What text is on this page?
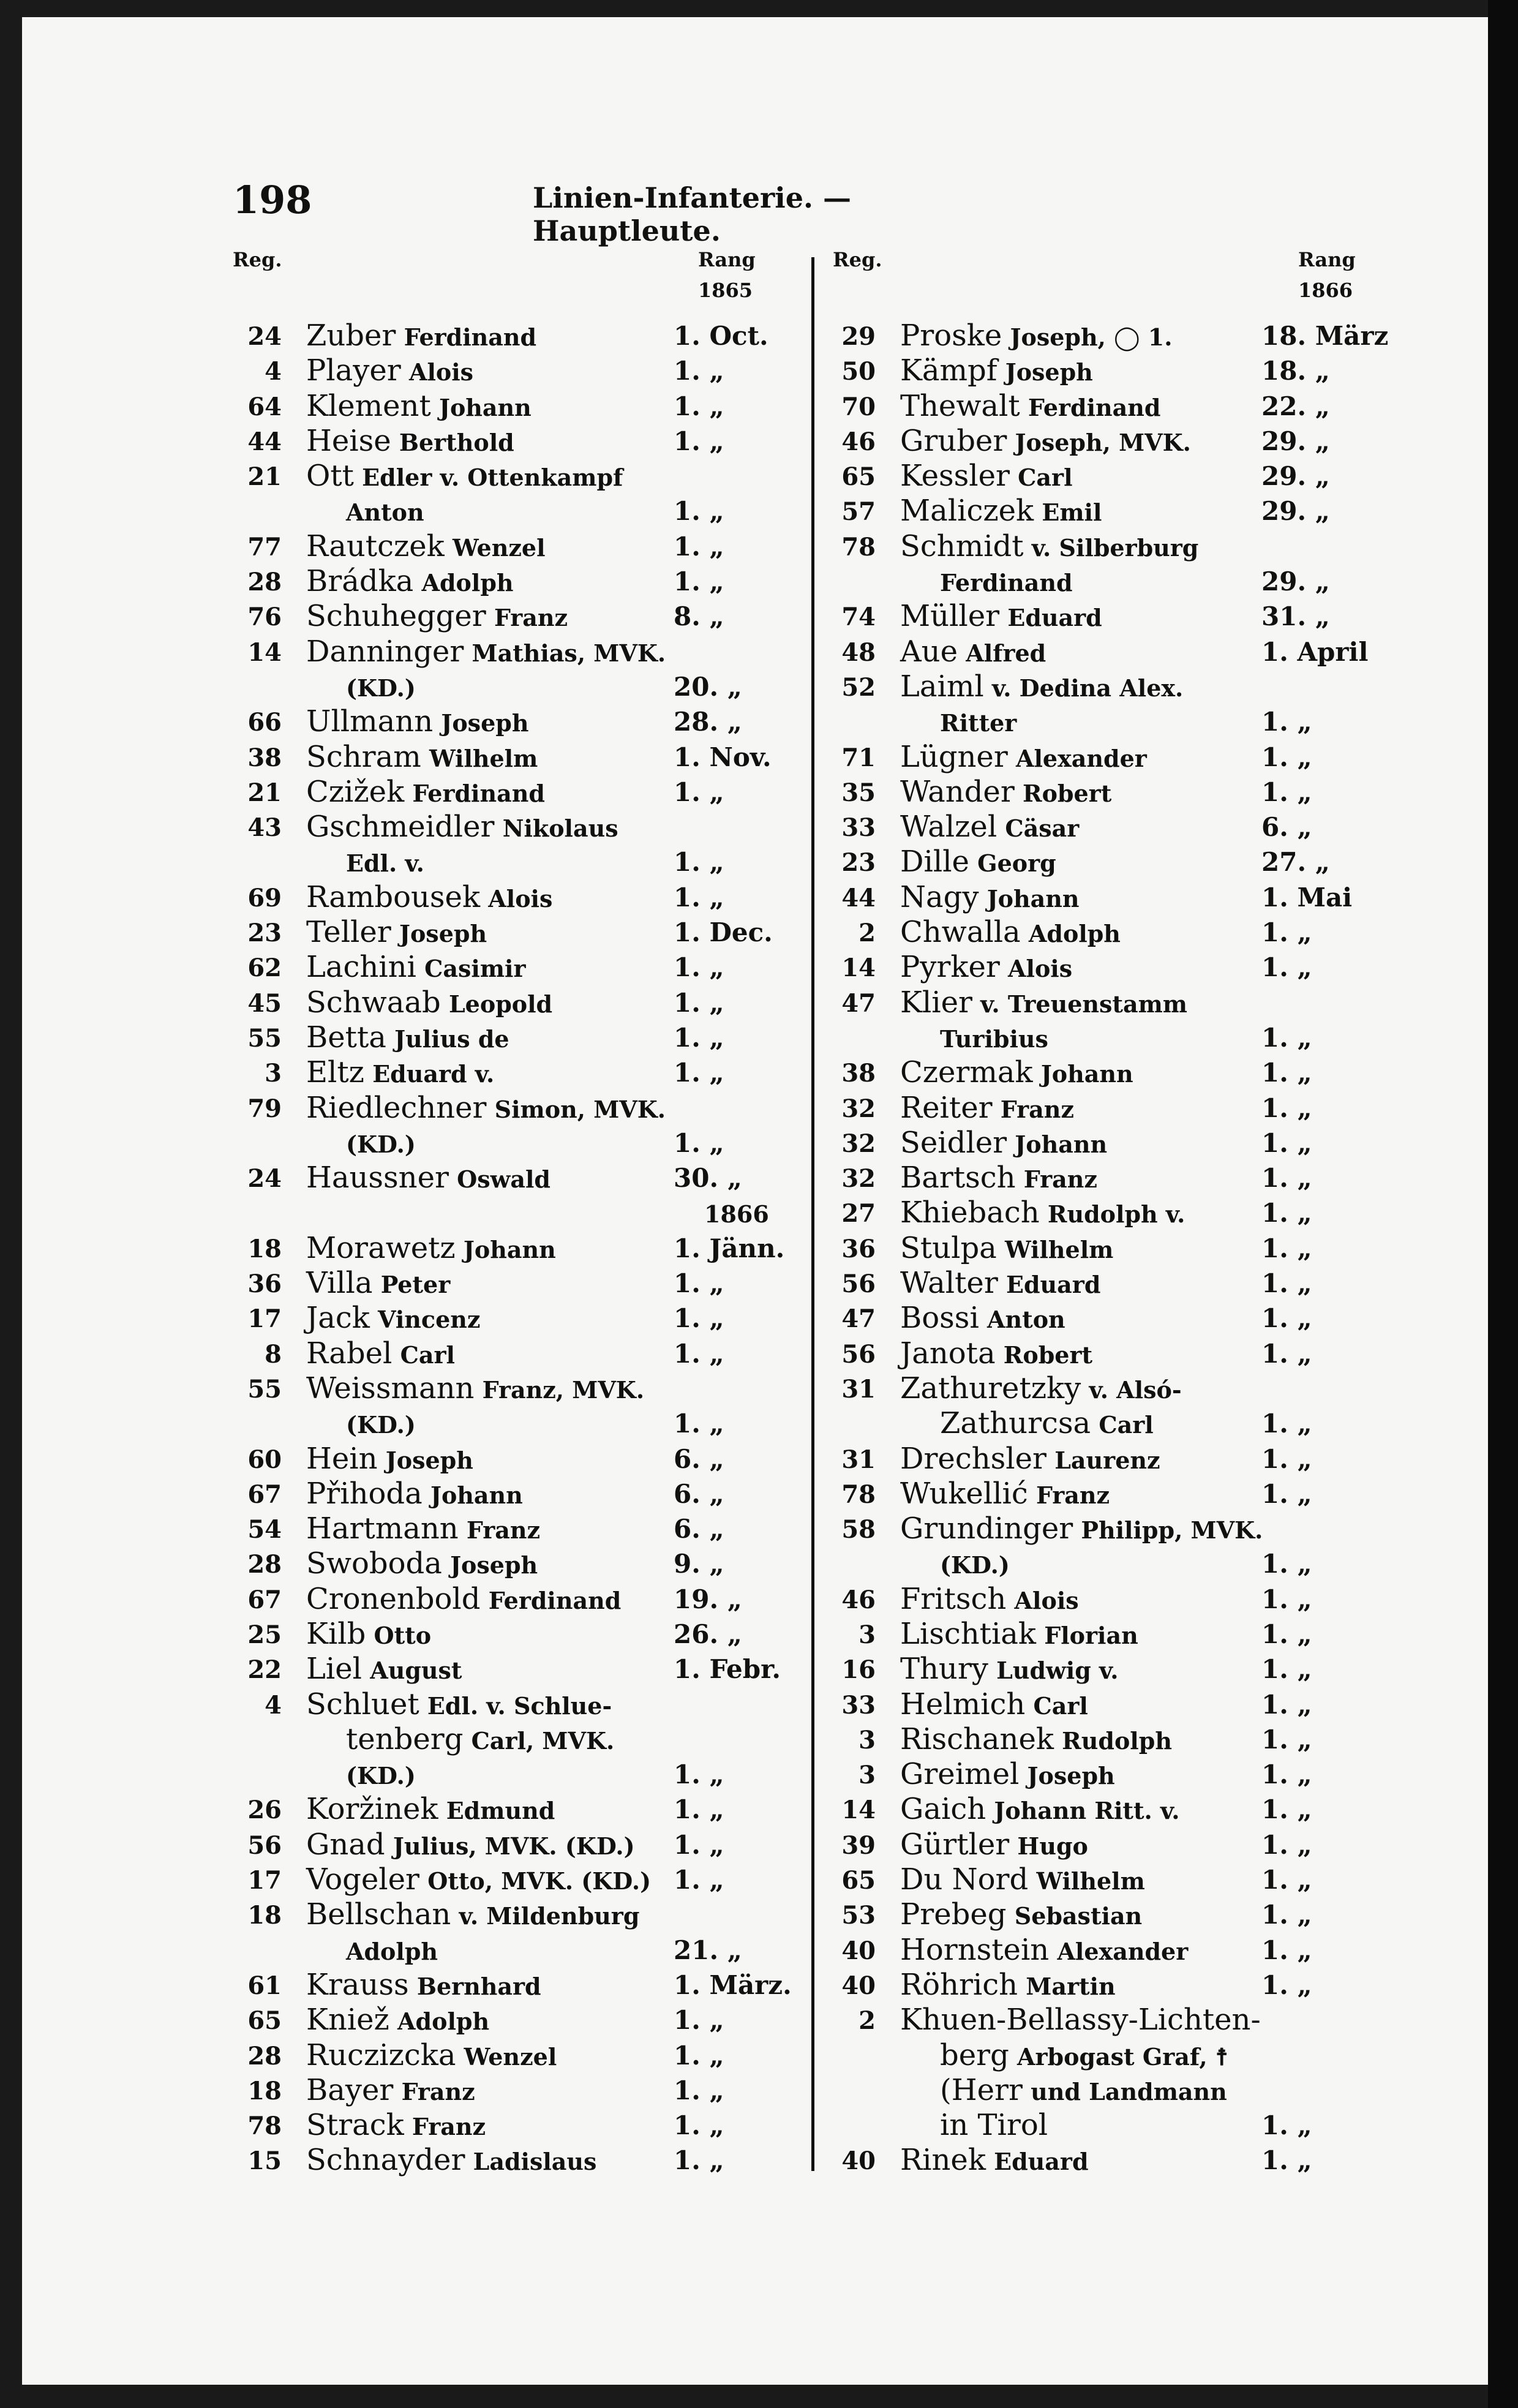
198	Linien-Infanterie. — Hauptleute.
Reg.	Rang
1865
Reg.	Rang
1866
24 Zuber Ferdinand	1. Oct.
4 Player Alois	1. „
64 Klement Johann	1. „
44 Heise Berthold	1. „
21 Ott Edler v. Ottenkampf
Anton	1. „
77 Rautczek Wenzel	1. „
28 Brádka Adolph	1. „
76 Schuhegger Franz	8. „
14 Danninger Mathias, MVK.
(KD.)	20. „
66 Ullmann Joseph	28. „
38 Schram Wilhelm	1. Nov.
21 Czižek Ferdinand	1. „
43 Gschmeidler Nikolaus
Edl. v.	1. „
69 Rambousek Alois	1. „
23 Teller Joseph	1. Dec.
62 Lachini Casimir	1. „
45 Schwaab Leopold	1. „
55 Betta Julius de	1. „
3 Eltz Eduard v.	1. „
79 Riedlechner Simon, MVK.
(KD.)	1. „
24 Haussner Oswald	30. „
1866
18 Morawetz Johann	1. Jänn.
36 Villa Peter	1. „
17 Jack Vincenz	1. „
8 Rabel Carl	1. „
55 Weissmann Franz, MVK.
(KD.)	1. „
60 Hein Joseph	6. „
67 Přihoda Johann	6. „
54 Hartmann Franz	6. „
28 Swoboda Joseph	9. „
67 Cronenbold Ferdinand 19. „
25 Kilb Otto	26. „
22 Liel August	1. Febr.
4 Schluet Edl. v. Schlue-
tenberg Carl, MVK.
(KD.)	1. „
26 Koržinek Edmund	1. „
56 Gnad Julius, MVK. (KD.) 1. „
17 Vogeler Otto, MVK. (KD.) 1. „
18 Bellschan v. Mildenburg
Adolph	21. „
61 Krauss Bernhard	1. März.
65 Kniež Adolph	1. „
28 Ruczizcka Wenzel	1. „
18 Bayer Franz	1. „
78 Strack Franz	1. „
15 Schnayder Ladislaus	1. „
29 Proske Joseph, ◯ 1.	18. März
50 Kämpf Joseph	18. „
70 Thewalt Ferdinand	22. „
46 Gruber Joseph, MVK.	29. „
65 Kessler Carl	29. „
57 Maliczek Emil	29. „
78 Schmidt v. Silberburg
Ferdinand	29. „
74 Müller Eduard	31. „
48 Aue Alfred	1. April
52 Laiml v. Dedina Alex.
Ritter	1. „
71 Lügner Alexander	1. „
35 Wander Robert	1. „
33 Walzel Cäsar	6. „
23 Dille Georg	27. „
44 Nagy Johann	1. Mai
2 Chwalla Adolph	1. „
14 Pyrker Alois	1. „
47 Klier v. Treuenstamm
Turibius	1. „
38 Czermak Johann	1. „
32 Reiter Franz	1. „
32 Seidler Johann	1. „
32 Bartsch Franz	1. „
27 Khiebach Rudolph v.	1. „
36 Stulpa Wilhelm	1. „
56 Walter Eduard	1. „
47 Bossi Anton	1. „
56 Janota Robert	1. „
31 Zathuretzky v. Alsó-
Zathurcsa Carl	1. „
31 Drechsler Laurenz	1. „
78 Wukellić Franz	1. „
58 Grundinger Philipp, MVK.
(KD.)	1. „
46 Fritsch Alois	1. „
3 Lischtiak Florian	1. „
16 Thury Ludwig v.	1. „
33 Helmich Carl	1. „
3 Rischanek Rudolph	1. „
3 Greimel Joseph	1. „
14 Gaich Johann Ritt. v.	1. „
39 Gürtler Hugo	1. „
65 Du Nord Wilhelm	1. „
53 Prebeg Sebastian	1. „
40 Hornstein Alexander	1. „
40 Röhrich Martin	1. „
2 Khuen-Bellassy-Lichten-
berg Arbogast Graf, ☨
(Herr und Landmann
in Tirol	1. „
40 Rinek Eduard	1. „
